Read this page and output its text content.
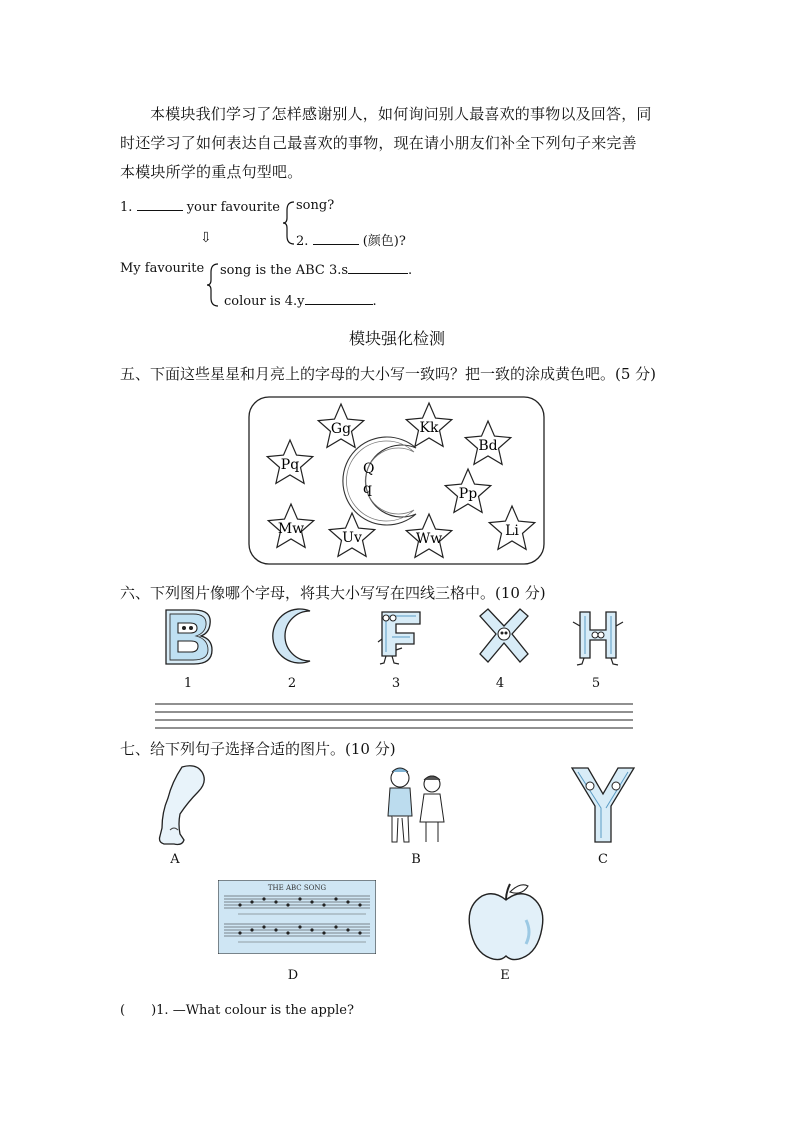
本模块我们学习了怎样感谢别人，如何询问别人最喜欢的事物以及回答，同
时还学习了如何表达自己最喜欢的事物，现在请小朋友们补全下列句子来完善
本模块所学的重点句型吧。
1.	your favourite song?
⇩	2.	(颜色)?
My favourite song is the ABC 3.s	.
colour is 4.y	.
模块强化检测
五、下面这些星星和月亮上的字母的大小写一致吗？把一致的涂成黄色吧。(5 分)
Q
q
Gg	Kk
Bd
Pq
Pp
Mw
Uv	Ww	Li
六、下列图片像哪个字母，将其大小写写在四线三格中。(10 分)
1	2	3	4	5
七、给下列句子选择合适的图片。(10 分)
A	B	C
THE ABC SONG
D	E
(　　)1. —What colour is the apple?
